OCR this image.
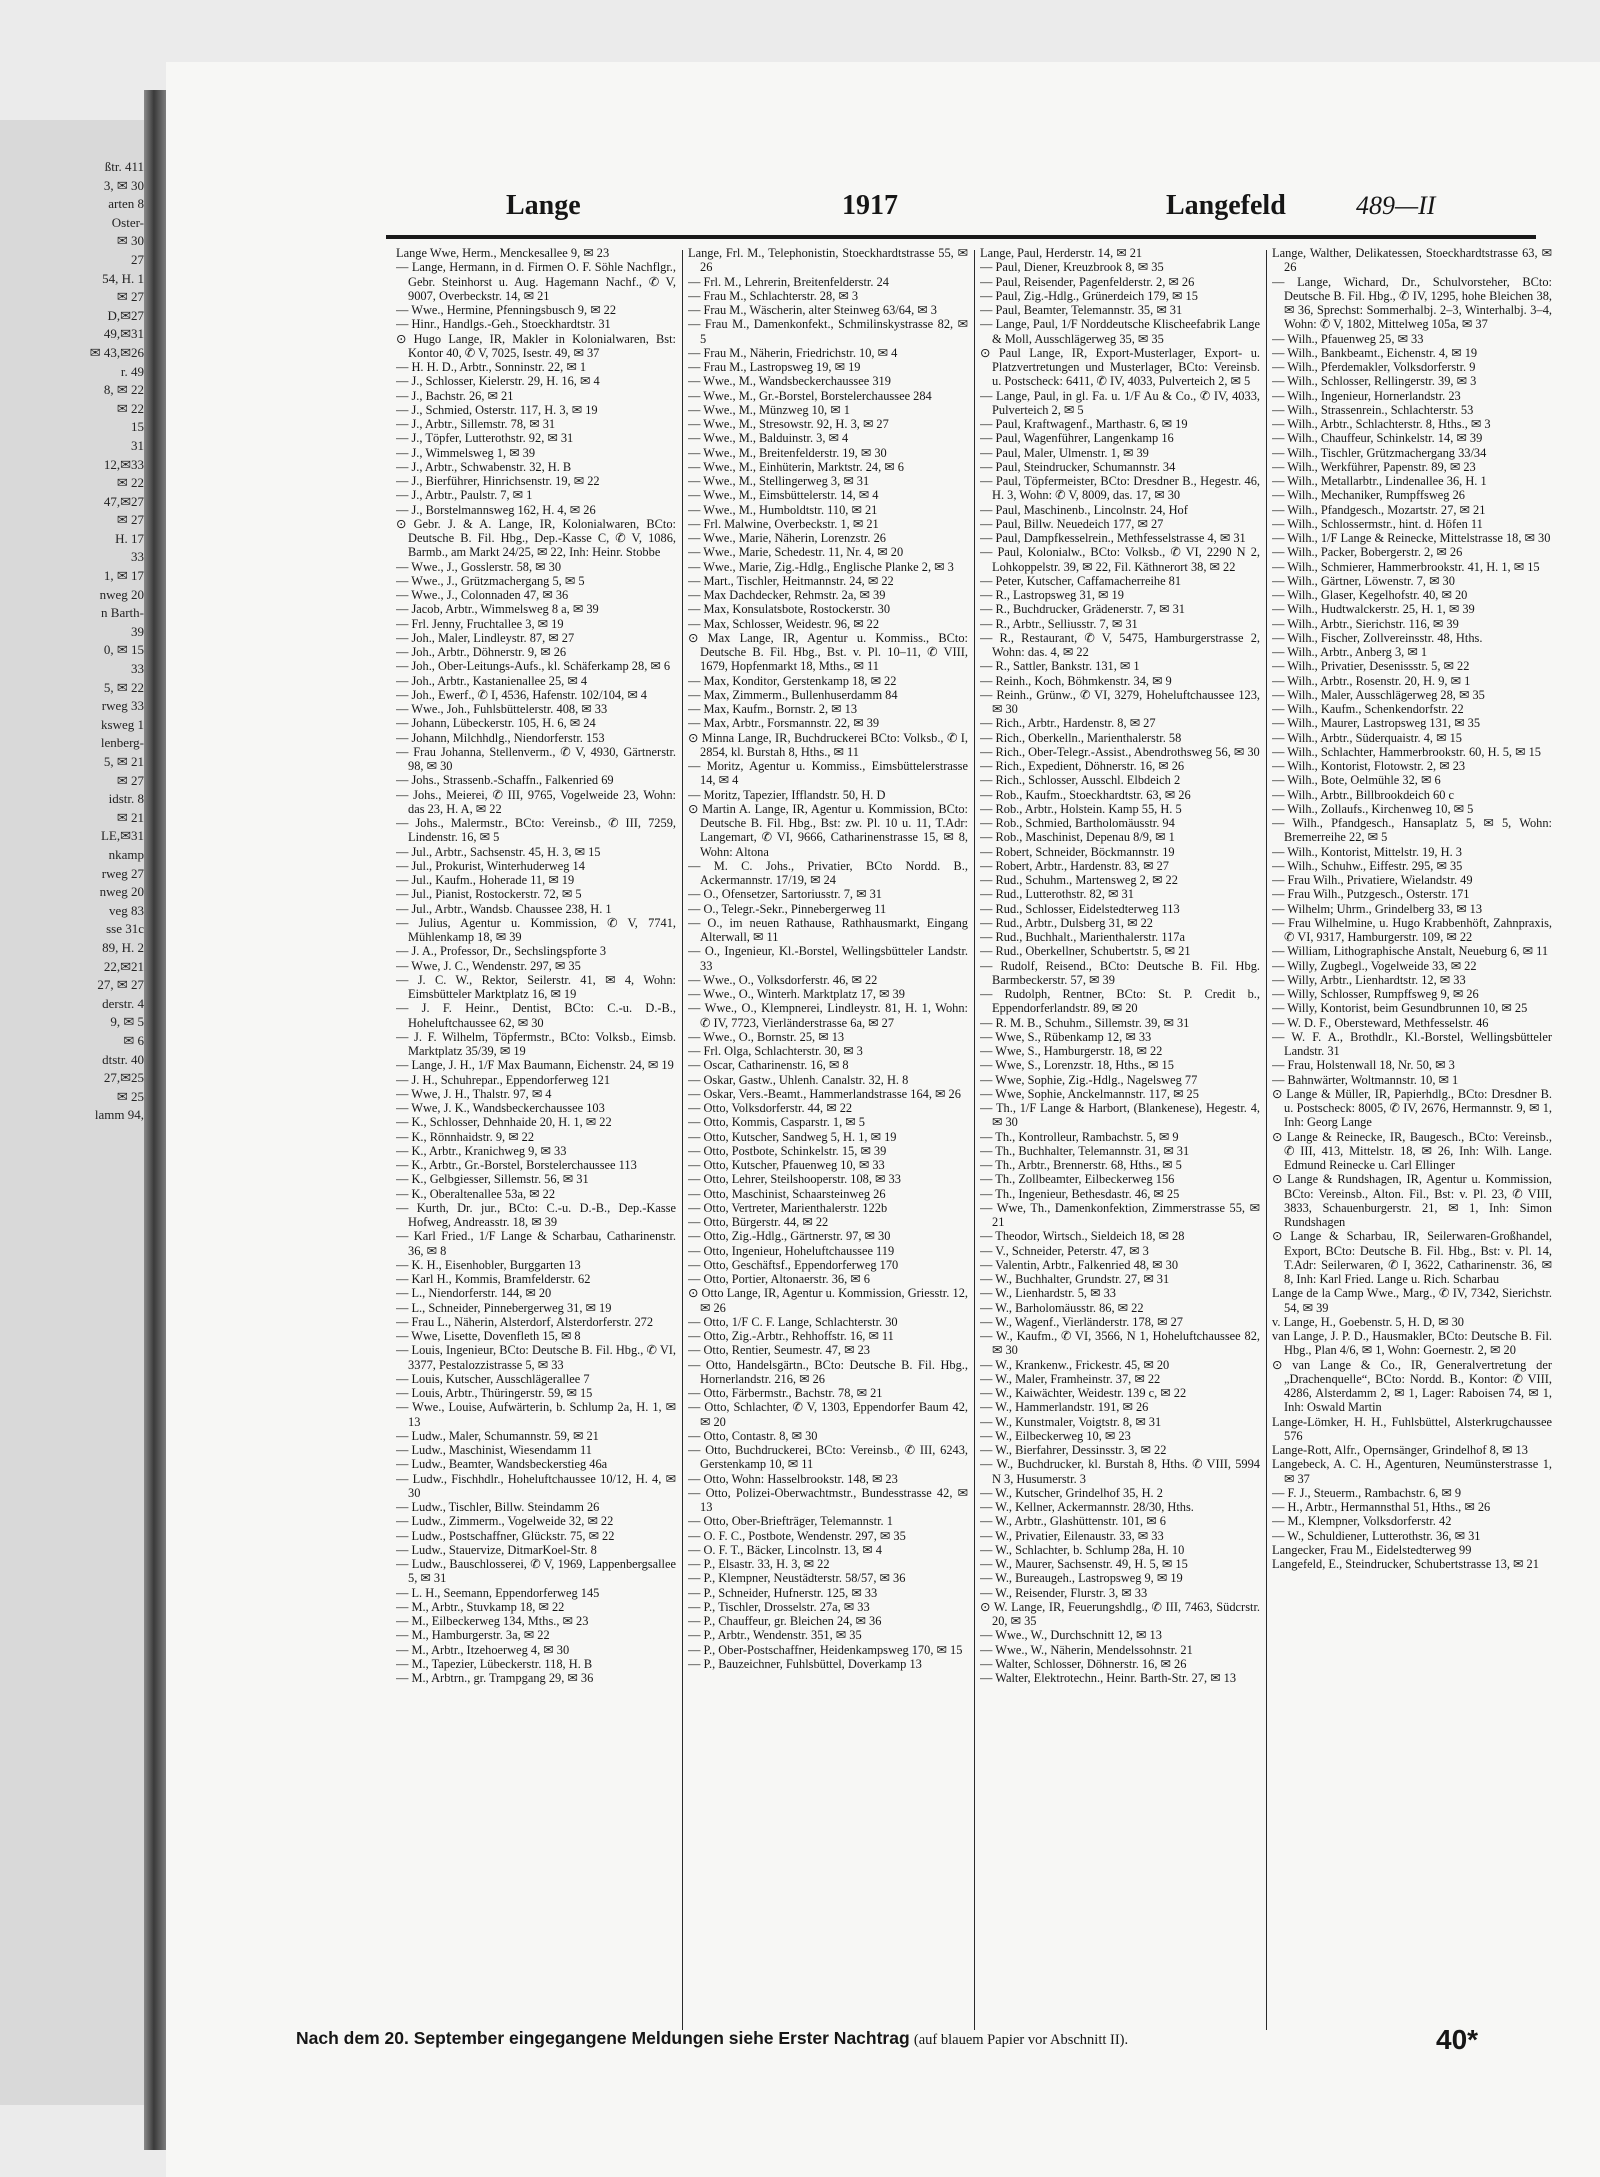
ßtr. 411
3, ✉ 30
arten 8
Oster-
✉ 30
27
54, H. 1
✉ 27
D,✉27
49,✉31
✉ 43,✉26
r. 49
8, ✉ 22
✉ 22
15
31
12,✉33
✉ 22
47,✉27
✉ 27
H. 17
33
1, ✉ 17
nweg 20
n Barth-
39
0, ✉ 15
33
5, ✉ 22
rweg 33
ksweg 1
lenberg-
5, ✉ 21
✉ 27
idstr. 8
✉ 21
LE,✉31
nkamp
rweg 27
nweg 20
veg 83
sse 31c
89, H. 2
22,✉21
27, ✉ 27
derstr. 4
9, ✉ 5
✉ 6
dtstr. 40
27,✉25
✉ 25
lamm 94,
Lange	1917	Langefeld	489—II

Lange Wwe, Herm., Menckesallee 9, ✉ 23

— Lange, Hermann, in d. Firmen O. F. Söhle Nachflgr., Gebr. Steinhorst u. Aug. Hagemann Nachf., ✆ V, 9007, Overbeckstr. 14, ✉ 21

— Wwe., Hermine, Pfenningsbusch 9, ✉ 22

— Hinr., Handlgs.-Geh., Stoeckhardtstr. 31

⊙ Hugo Lange, IR, Makler in Kolonialwaren, Bst: Kontor 40, ✆ V, 7025, Isestr. 49, ✉ 37

— H. H. D., Arbtr., Sonninstr. 22, ✉ 1

— J., Schlosser, Kielerstr. 29, H. 16, ✉ 4

— J., Bachstr. 26, ✉ 21

— J., Schmied, Osterstr. 117, H. 3, ✉ 19

— J., Arbtr., Sillemstr. 78, ✉ 31

— J., Töpfer, Lutterothstr. 92, ✉ 31

— J., Wimmelsweg 1, ✉ 39

— J., Arbtr., Schwabenstr. 32, H. B

— J., Bierführer, Hinrichsenstr. 19, ✉ 22

— J., Arbtr., Paulstr. 7, ✉ 1

— J., Borstelmannsweg 162, H. 4, ✉ 26

⊙ Gebr. J. & A. Lange, IR, Kolonialwaren, BCto: Deutsche B. Fil. Hbg., Dep.-Kasse C, ✆ V, 1086, Barmb., am Markt 24/25, ✉ 22, Inh: Heinr. Stobbe

— Wwe., J., Gosslerstr. 58, ✉ 30

— Wwe., J., Grützmachergang 5, ✉ 5

— Wwe., J., Colonnaden 47, ✉ 36

— Jacob, Arbtr., Wimmelsweg 8 a, ✉ 39

— Frl. Jenny, Fruchtallee 3, ✉ 19

— Joh., Maler, Lindleystr. 87, ✉ 27

— Joh., Arbtr., Döhnerstr. 9, ✉ 26

— Joh., Ober-Leitungs-Aufs., kl. Schäferkamp 28, ✉ 6

— Joh., Arbtr., Kastanienallee 25, ✉ 4

— Joh., Ewerf., ✆ I, 4536, Hafenstr. 102/104, ✉ 4

— Wwe., Joh., Fuhlsbüttelerstr. 408, ✉ 33

— Johann, Lübeckerstr. 105, H. 6, ✉ 24

— Johann, Milchhdlg., Niendorferstr. 153

— Frau Johanna, Stellenverm., ✆ V, 4930, Gärtnerstr. 98, ✉ 30

— Johs., Strassenb.-Schaffn., Falkenried 69

— Johs., Meierei, ✆ III, 9765, Vogelweide 23, Wohn: das 23, H. A, ✉ 22

— Johs., Malermstr., BCto: Vereinsb., ✆ III, 7259, Lindenstr. 16, ✉ 5

— Jul., Arbtr., Sachsenstr. 45, H. 3, ✉ 15

— Jul., Prokurist, Winterhuderweg 14

— Jul., Kaufm., Hoherade 11, ✉ 19

— Jul., Pianist, Rostockerstr. 72, ✉ 5

— Jul., Arbtr., Wandsb. Chaussee 238, H. 1

— Julius, Agentur u. Kommission, ✆ V, 7741, Mühlenkamp 18, ✉ 39

— J. A., Professor, Dr., Sechslingspforte 3

— Wwe, J. C., Wendenstr. 297, ✉ 35

— J. C. W., Rektor, Seilerstr. 41, ✉ 4, Wohn: Eimsbütteler Marktplatz 16, ✉ 19

— J. F. Heinr., Dentist, BCto: C.-u. D.-B., Hoheluftchaussee 62, ✉ 30

— J. F. Wilhelm, Töpfermstr., BCto: Volksb., Eimsb. Marktplatz 35/39, ✉ 19

— Lange, J. H., 1/F Max Baumann, Eichenstr. 24, ✉ 19

— J. H., Schuhrepar., Eppendorferweg 121

— Wwe, J. H., Thalstr. 97, ✉ 4

— Wwe, J. K., Wandsbeckerchaussee 103

— K., Schlosser, Dehnhaide 20, H. 1, ✉ 22

— K., Rönnhaidstr. 9, ✉ 22

— K., Arbtr., Kranichweg 9, ✉ 33

— K., Arbtr., Gr.-Borstel, Borstelerchaussee 113

— K., Gelbgiesser, Sillemstr. 56, ✉ 31

— K., Oberaltenallee 53a, ✉ 22

— Kurth, Dr. jur., BCto: C.-u. D.-B., Dep.-Kasse Hofweg, Andreasstr. 18, ✉ 39

— Karl Fried., 1/F Lange & Scharbau, Catharinenstr. 36, ✉ 8

— K. H., Eisenhobler, Burggarten 13

— Karl H., Kommis, Bramfelderstr. 62

— L., Niendorferstr. 144, ✉ 20

— L., Schneider, Pinnebergerweg 31, ✉ 19

— Frau L., Näherin, Alsterdorf, Alsterdorferstr. 272

— Wwe, Lisette, Dovenfleth 15, ✉ 8

— Louis, Ingenieur, BCto: Deutsche B. Fil. Hbg., ✆ VI, 3377, Pestalozzistrasse 5, ✉ 33

— Louis, Kutscher, Ausschlägerallee 7

— Louis, Arbtr., Thüringerstr. 59, ✉ 15

— Wwe., Louise, Aufwärterin, b. Schlump 2a, H. 1, ✉ 13

— Ludw., Maler, Schumannstr. 59, ✉ 21

— Ludw., Maschinist, Wiesendamm 11

— Ludw., Beamter, Wandsbeckerstieg 46a

— Ludw., Fischhdlr., Hoheluftchaussee 10/12, H. 4, ✉ 30

— Ludw., Tischler, Billw. Steindamm 26

— Ludw., Zimmerm., Vogelweide 32, ✉ 22

— Ludw., Postschaffner, Glückstr. 75, ✉ 22

— Ludw., Stauervize, DitmarKoel-Str. 8

— Ludw., Bauschlosserei, ✆ V, 1969, Lappenbergsallee 5, ✉ 31

— L. H., Seemann, Eppendorferweg 145

— M., Arbtr., Stuvkamp 18, ✉ 22

— M., Eilbeckerweg 134, Mths., ✉ 23

— M., Hamburgerstr. 3a, ✉ 22

— M., Arbtr., Itzehoerweg 4, ✉ 30

— M., Tapezier, Lübeckerstr. 118, H. B

— M., Arbtrn., gr. Trampgang 29, ✉ 36

Lange, Frl. M., Telephonistin, Stoeckhardtstrasse 55, ✉ 26

— Frl. M., Lehrerin, Breitenfelderstr. 24

— Frau M., Schlachterstr. 28, ✉ 3

— Frau M., Wäscherin, alter Steinweg 63/64, ✉ 3

— Frau M., Damenkonfekt., Schmilinskystrasse 82, ✉ 5

— Frau M., Näherin, Friedrichstr. 10, ✉ 4

— Frau M., Lastropsweg 19, ✉ 19

— Wwe., M., Wandsbeckerchaussee 319

— Wwe., M., Gr.-Borstel, Borstelerchaussee 284

— Wwe., M., Münzweg 10, ✉ 1

— Wwe., M., Stresowstr. 92, H. 3, ✉ 27

— Wwe., M., Balduinstr. 3, ✉ 4

— Wwe., M., Breitenfelderstr. 19, ✉ 30

— Wwe., M., Einhüterin, Marktstr. 24, ✉ 6

— Wwe., M., Stellingerweg 3, ✉ 31

— Wwe., M., Eimsbüttelerstr. 14, ✉ 4

— Wwe., M., Humboldtstr. 110, ✉ 21

— Frl. Malwine, Overbeckstr. 1, ✉ 21

— Wwe., Marie, Näherin, Lorenzstr. 26

— Wwe., Marie, Schedestr. 11, Nr. 4, ✉ 20

— Wwe., Marie, Zig.-Hdlg., Englische Planke 2, ✉ 3

— Mart., Tischler, Heitmannstr. 24, ✉ 22

— Max Dachdecker, Rehmstr. 2a, ✉ 39

— Max, Konsulatsbote, Rostockerstr. 30

— Max, Schlosser, Weidestr. 96, ✉ 22

⊙ Max Lange, IR, Agentur u. Kommiss., BCto: Deutsche B. Fil. Hbg., Bst. v. Pl. 10–11, ✆ VIII, 1679, Hopfenmarkt 18, Mths., ✉ 11

— Max, Konditor, Gerstenkamp 18, ✉ 22

— Max, Zimmerm., Bullenhuserdamm 84

— Max, Kaufm., Bornstr. 2, ✉ 13

— Max, Arbtr., Forsmannstr. 22, ✉ 39

⊙ Minna Lange, IR, Buchdruckerei BCto: Volksb., ✆ I, 2854, kl. Burstah 8, Hths., ✉ 11

— Moritz, Agentur u. Kommiss., Eimsbüttelerstrasse 14, ✉ 4

— Moritz, Tapezier, Ifflandstr. 50, H. D

⊙ Martin A. Lange, IR, Agentur u. Kommission, BCto: Deutsche B. Fil. Hbg., Bst: zw. Pl. 10 u. 11, T.Adr: Langemart, ✆ VI, 9666, Catharinenstrasse 15, ✉ 8, Wohn: Altona

— M. C. Johs., Privatier, BCto Nordd. B., Ackermannstr. 17/19, ✉ 24

— O., Ofensetzer, Sartoriusstr. 7, ✉ 31

— O., Telegr.-Sekr., Pinnebergerweg 11

— O., im neuen Rathause, Rathhausmarkt, Eingang Alterwall, ✉ 11

— O., Ingenieur, Kl.-Borstel, Wellingsbütteler Landstr. 33

— Wwe., O., Volksdorferstr. 46, ✉ 22

— Wwe., O., Winterh. Marktplatz 17, ✉ 39

— Wwe., O., Klempnerei, Lindleystr. 81, H. 1, Wohn: ✆ IV, 7723, Vierländerstrasse 6a, ✉ 27

— Wwe., O., Bornstr. 25, ✉ 13

— Frl. Olga, Schlachterstr. 30, ✉ 3

— Oscar, Catharinenstr. 16, ✉ 8

— Oskar, Gastw., Uhlenh. Canalstr. 32, H. 8

— Oskar, Vers.-Beamt., Hammerlandstrasse 164, ✉ 26

— Otto, Volksdorferstr. 44, ✉ 22

— Otto, Kommis, Casparstr. 1, ✉ 5

— Otto, Kutscher, Sandweg 5, H. 1, ✉ 19

— Otto, Postbote, Schinkelstr. 15, ✉ 39

— Otto, Kutscher, Pfauenweg 10, ✉ 33

— Otto, Lehrer, Steilshooperstr. 108, ✉ 33

— Otto, Maschinist, Schaarsteinweg 26

— Otto, Vertreter, Marienthalerstr. 122b

— Otto, Bürgerstr. 44, ✉ 22

— Otto, Zig.-Hdlg., Gärtnerstr. 97, ✉ 30

— Otto, Ingenieur, Hoheluftchaussee 119

— Otto, Geschäftsf., Eppendorferweg 170

— Otto, Portier, Altonaerstr. 36, ✉ 6

⊙ Otto Lange, IR, Agentur u. Kommission, Griesstr. 12, ✉ 26

— Otto, 1/F C. F. Lange, Schlachterstr. 30

— Otto, Zig.-Arbtr., Rehhoffstr. 16, ✉ 11

— Otto, Rentier, Seumestr. 47, ✉ 23

— Otto, Handelsgärtn., BCto: Deutsche B. Fil. Hbg., Hornerlandstr. 216, ✉ 26

— Otto, Färbermstr., Bachstr. 78, ✉ 21

— Otto, Schlachter, ✆ V, 1303, Eppendorfer Baum 42, ✉ 20

— Otto, Contastr. 8, ✉ 30

— Otto, Buchdruckerei, BCto: Vereinsb., ✆ III, 6243, Gerstenkamp 10, ✉ 11

— Otto, Wohn: Hasselbrookstr. 148, ✉ 23

— Otto, Polizei-Oberwachtmstr., Bundesstrasse 42, ✉ 13

— Otto, Ober-Briefträger, Telemannstr. 1

— O. F. C., Postbote, Wendenstr. 297, ✉ 35

— O. F. T., Bäcker, Lincolnstr. 13, ✉ 4

— P., Elsastr. 33, H. 3, ✉ 22

— P., Klempner, Neustädterstr. 58/57, ✉ 36

— P., Schneider, Hufnerstr. 125, ✉ 33

— P., Tischler, Drosselstr. 27a, ✉ 33

— P., Chauffeur, gr. Bleichen 24, ✉ 36

— P., Arbtr., Wendenstr. 351, ✉ 35

— P., Ober-Postschaffner, Heidenkampsweg 170, ✉ 15

— P., Bauzeichner, Fuhlsbüttel, Doverkamp 13

Lange, Paul, Herderstr. 14, ✉ 21

— Paul, Diener, Kreuzbrook 8, ✉ 35

— Paul, Reisender, Pagenfelderstr. 2, ✉ 26

— Paul, Zig.-Hdlg., Grünerdeich 179, ✉ 15

— Paul, Beamter, Telemannstr. 35, ✉ 31

— Lange, Paul, 1/F Norddeutsche Klischeefabrik Lange & Moll, Ausschlägerweg 35, ✉ 35

⊙ Paul Lange, IR, Export-Musterlager, Export- u. Platzvertretungen und Musterlager, BCto: Vereinsb. u. Postscheck: 6411, ✆ IV, 4033, Pulverteich 2, ✉ 5

— Lange, Paul, in gl. Fa. u. 1/F Au & Co., ✆ IV, 4033, Pulverteich 2, ✉ 5

— Paul, Kraftwagenf., Marthastr. 6, ✉ 19

— Paul, Wagenführer, Langenkamp 16

— Paul, Maler, Ulmenstr. 1, ✉ 39

— Paul, Steindrucker, Schumannstr. 34

— Paul, Töpfermeister, BCto: Dresdner B., Hegestr. 46, H. 3, Wohn: ✆ V, 8009, das. 17, ✉ 30

— Paul, Maschinenb., Lincolnstr. 24, Hof

— Paul, Billw. Neuedeich 177, ✉ 27

— Paul, Dampfkesselrein., Methfesselstrasse 4, ✉ 31

— Paul, Kolonialw., BCto: Volksb., ✆ VI, 2290 N 2, Lohkoppelstr. 39, ✉ 22, Fil. Käthnerort 38, ✉ 22

— Peter, Kutscher, Caffamacherreihe 81

— R., Lastropsweg 31, ✉ 19

— R., Buchdrucker, Grädenerstr. 7, ✉ 31

— R., Arbtr., Selliusstr. 7, ✉ 31

— R., Restaurant, ✆ V, 5475, Hamburgerstrasse 2, Wohn: das. 4, ✉ 22

— R., Sattler, Bankstr. 131, ✉ 1

— Reinh., Koch, Böhmkenstr. 34, ✉ 9

— Reinh., Grünw., ✆ VI, 3279, Hoheluftchaussee 123, ✉ 30

— Rich., Arbtr., Hardenstr. 8, ✉ 27

— Rich., Oberkelln., Marienthalerstr. 58

— Rich., Ober-Telegr.-Assist., Abendrothsweg 56, ✉ 30

— Rich., Expedient, Döhnerstr. 16, ✉ 26

— Rich., Schlosser, Ausschl. Elbdeich 2

— Rob., Kaufm., Stoeckhardtstr. 63, ✉ 26

— Rob., Arbtr., Holstein. Kamp 55, H. 5

— Rob., Schmied, Bartholomäusstr. 94

— Rob., Maschinist, Depenau 8/9, ✉ 1

— Robert, Schneider, Böckmannstr. 19

— Robert, Arbtr., Hardenstr. 83, ✉ 27

— Rud., Schuhm., Martensweg 2, ✉ 22

— Rud., Lutterothstr. 82, ✉ 31

— Rud., Schlosser, Eidelstedterweg 113

— Rud., Arbtr., Dulsberg 31, ✉ 22

— Rud., Buchhalt., Marienthalerstr. 117a

— Rud., Oberkellner, Schubertstr. 5, ✉ 21

— Rudolf, Reisend., BCto: Deutsche B. Fil. Hbg. Barmbeckerstr. 57, ✉ 39

— Rudolph, Rentner, BCto: St. P. Credit b., Eppendorferlandstr. 89, ✉ 20

— R. M. B., Schuhm., Sillemstr. 39, ✉ 31

— Wwe, S., Rübenkamp 12, ✉ 33

— Wwe, S., Hamburgerstr. 18, ✉ 22

— Wwe, S., Lorenzstr. 18, Hths., ✉ 15

— Wwe, Sophie, Zig.-Hdlg., Nagelsweg 77

— Wwe, Sophie, Anckelmannstr. 117, ✉ 25

— Th., 1/F Lange & Harbort, (Blankenese), Hegestr. 4, ✉ 30

— Th., Kontrolleur, Rambachstr. 5, ✉ 9

— Th., Buchhalter, Telemannstr. 31, ✉ 31

— Th., Arbtr., Brennerstr. 68, Hths., ✉ 5

— Th., Zollbeamter, Eilbeckerweg 156

— Th., Ingenieur, Bethesdastr. 46, ✉ 25

— Wwe, Th., Damenkonfektion, Zimmerstrasse 55, ✉ 21

— Theodor, Wirtsch., Sieldeich 18, ✉ 28

— V., Schneider, Peterstr. 47, ✉ 3

— Valentin, Arbtr., Falkenried 48, ✉ 30

— W., Buchhalter, Grundstr. 27, ✉ 31

— W., Lienhardstr. 5, ✉ 33

— W., Barholomäusstr. 86, ✉ 22

— W., Wagenf., Vierländerstr. 178, ✉ 27

— W., Kaufm., ✆ VI, 3566, N 1, Hoheluftchaussee 82, ✉ 30

— W., Krankenw., Frickestr. 45, ✉ 20

— W., Maler, Framheinstr. 37, ✉ 22

— W., Kaiwächter, Weidestr. 139 c, ✉ 22

— W., Hammerlandstr. 191, ✉ 26

— W., Kunstmaler, Voigtstr. 8, ✉ 31

— W., Eilbeckerweg 10, ✉ 23

— W., Bierfahrer, Dessinsstr. 3, ✉ 22

— W., Buchdrucker, kl. Burstah 8, Hths. ✆ VIII, 5994 N 3, Husumerstr. 3

— W., Kutscher, Grindelhof 35, H. 2

— W., Kellner, Ackermannstr. 28/30, Hths.

— W., Arbtr., Glashüttenstr. 101, ✉ 6

— W., Privatier, Eilenaustr. 33, ✉ 33

— W., Schlachter, b. Schlump 28a, H. 10

— W., Maurer, Sachsenstr. 49, H. 5, ✉ 15

— W., Bureaugeh., Lastropsweg 9, ✉ 19

— W., Reisender, Flurstr. 3, ✉ 33

⊙ W. Lange, IR, Feuerungshdlg., ✆ III, 7463, Südcrstr. 20, ✉ 35

— Wwe., W., Durchschnitt 12, ✉ 13

— Wwe., W., Näherin, Mendelssohnstr. 21

— Walter, Schlosser, Döhnerstr. 16, ✉ 26

— Walter, Elektrotechn., Heinr. Barth-Str. 27, ✉ 13

Lange, Walther, Delikatessen, Stoeckhardtstrasse 63, ✉ 26

— Lange, Wichard, Dr., Schulvorsteher, BCto: Deutsche B. Fil. Hbg., ✆ IV, 1295, hohe Bleichen 38, ✉ 36, Sprechst: Sommerhalbj. 2–3, Winterhalbj. 3–4, Wohn: ✆ V, 1802, Mittelweg 105a, ✉ 37

— Wilh., Pfauenweg 25, ✉ 33

— Wilh., Bankbeamt., Eichenstr. 4, ✉ 19

— Wilh., Pferdemakler, Volksdorferstr. 9

— Wilh., Schlosser, Rellingerstr. 39, ✉ 3

— Wilh., Ingenieur, Hornerlandstr. 23

— Wilh., Strassenrein., Schlachterstr. 53

— Wilh., Arbtr., Schlachterstr. 8, Hths., ✉ 3

— Wilh., Chauffeur, Schinkelstr. 14, ✉ 39

— Wilh., Tischler, Grützmachergang 33/34

— Wilh., Werkführer, Papenstr. 89, ✉ 23

— Wilh., Metallarbtr., Lindenallee 36, H. 1

— Wilh., Mechaniker, Rumpffsweg 26

— Wilh., Pfandgesch., Mozartstr. 27, ✉ 21

— Wilh., Schlossermstr., hint. d. Höfen 11

— Wilh., 1/F Lange & Reinecke, Mittelstrasse 18, ✉ 30

— Wilh., Packer, Bobergerstr. 2, ✉ 26

— Wilh., Schmierer, Hammerbrookstr. 41, H. 1, ✉ 15

— Wilh., Gärtner, Löwenstr. 7, ✉ 30

— Wilh., Glaser, Kegelhofstr. 40, ✉ 20

— Wilh., Hudtwalckerstr. 25, H. 1, ✉ 39

— Wilh., Arbtr., Sierichstr. 116, ✉ 39

— Wilh., Fischer, Zollvereinsstr. 48, Hths.

— Wilh., Arbtr., Anberg 3, ✉ 1

— Wilh., Privatier, Desenissstr. 5, ✉ 22

— Wilh., Arbtr., Rosenstr. 20, H. 9, ✉ 1

— Wilh., Maler, Ausschlägerweg 28, ✉ 35

— Wilh., Kaufm., Schenkendorfstr. 22

— Wilh., Maurer, Lastropsweg 131, ✉ 35

— Wilh., Arbtr., Süderquaistr. 4, ✉ 15

— Wilh., Schlachter, Hammerbrookstr. 60, H. 5, ✉ 15

— Wilh., Kontorist, Flotowstr. 2, ✉ 23

— Wilh., Bote, Oelmühle 32, ✉ 6

— Wilh., Arbtr., Billbrookdeich 60 c

— Wilh., Zollaufs., Kirchenweg 10, ✉ 5

— Wilh., Pfandgesch., Hansaplatz 5, ✉ 5, Wohn: Bremerreihe 22, ✉ 5

— Wilh., Kontorist, Mittelstr. 19, H. 3

— Wilh., Schuhw., Eiffestr. 295, ✉ 35

— Frau Wilh., Privatiere, Wielandstr. 49

— Frau Wilh., Putzgesch., Osterstr. 171

— Wilhelm; Uhrm., Grindelberg 33, ✉ 13

— Frau Wilhelmine, u. Hugo Krabbenhöft, Zahnpraxis, ✆ VI, 9317, Hamburgerstr. 109, ✉ 22

— William, Lithographische Anstalt, Neueburg 6, ✉ 11

— Willy, Zugbegl., Vogelweide 33, ✉ 22

— Willy, Arbtr., Lienhardtstr. 12, ✉ 33

— Willy, Schlosser, Rumpffsweg 9, ✉ 26

— Willy, Kontorist, beim Gesundbrunnen 10, ✉ 25

— W. D. F., Obersteward, Methfesselstr. 46

— W. F. A., Brothdlr., Kl.-Borstel, Wellingsbütteler Landstr. 31

— Frau, Holstenwall 18, Nr. 50, ✉ 3

— Bahnwärter, Woltmannstr. 10, ✉ 1

⊙ Lange & Müller, IR, Papierhdlg., BCto: Dresdner B. u. Postscheck: 8005, ✆ IV, 2676, Hermannstr. 9, ✉ 1, Inh: Georg Lange

⊙ Lange & Reinecke, IR, Baugesch., BCto: Vereinsb., ✆ III, 413, Mittelstr. 18, ✉ 26, Inh: Wilh. Lange. Edmund Reinecke u. Carl Ellinger

⊙ Lange & Rundshagen, IR, Agentur u. Kommission, BCto: Vereinsb., Alton. Fil., Bst: v. Pl. 23, ✆ VIII, 3833, Schauenburgerstr. 21, ✉ 1, Inh: Simon Rundshagen

⊙ Lange & Scharbau, IR, Seilerwaren-Großhandel, Export, BCto: Deutsche B. Fil. Hbg., Bst: v. Pl. 14, T.Adr: Seilerwaren, ✆ I, 3622, Catharinenstr. 36, ✉ 8, Inh: Karl Fried. Lange u. Rich. Scharbau

Lange de la Camp Wwe., Marg., ✆ IV, 7342, Sierichstr. 54, ✉ 39

v. Lange, H., Goebenstr. 5, H. D, ✉ 30

van Lange, J. P. D., Hausmakler, BCto: Deutsche B. Fil. Hbg., Plan 4/6, ✉ 1, Wohn: Goernestr. 2, ✉ 20

⊙ van Lange & Co., IR, Generalvertretung der „Drachenquelle“, BCto: Nordd. B., Kontor: ✆ VIII, 4286, Alsterdamm 2, ✉ 1, Lager: Raboisen 74, ✉ 1, Inh: Oswald Martin

Lange-Lömker, H. H., Fuhlsbüttel, Alsterkrugchaussee 576

Lange-Rott, Alfr., Opernsänger, Grindelhof 8, ✉ 13

Langebeck, A. C. H., Agenturen, Neumünsterstrasse 1, ✉ 37

— F. J., Steuerm., Rambachstr. 6, ✉ 9

— H., Arbtr., Hermannsthal 51, Hths., ✉ 26

— M., Klempner, Volksdorferstr. 42

— W., Schuldiener, Lutterothstr. 36, ✉ 31

Langecker, Frau M., Eidelstedterweg 99

Langefeld, E., Steindrucker, Schubertstrasse 13, ✉ 21

Nach dem 20. September eingegangene Meldungen siehe Erster Nachtrag (auf blauem Papier vor Abschnitt II).	40*
